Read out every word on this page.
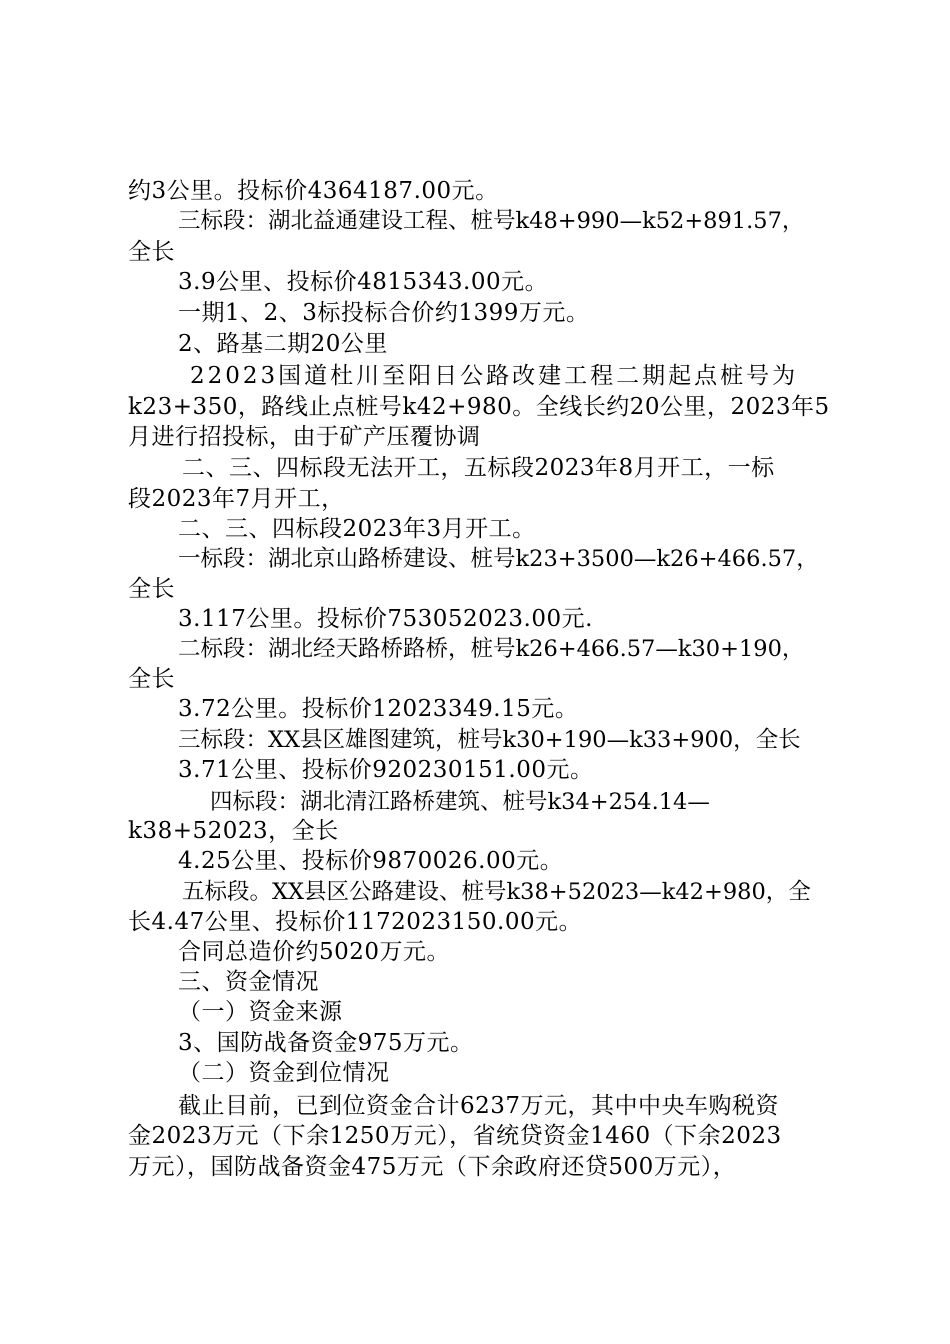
约3公里。投标价4364187.00元。
三标段：湖北益通建设工程、桩号k48+990—k52+891.57，
全长
3.9公里、投标价4815343.00元。
一期1、2、3标投标合价约1399万元。
2、路基二期20公里
22023国道杜川至阳日公路改建工程二期起点桩号为
k23+350，路线止点桩号k42+980。全线长约20公里，2023年5
月进行招投标，由于矿产压覆协调
二、三、四标段无法开工，五标段2023年8月开工，一标
段2023年7月开工，
二、三、四标段2023年3月开工。
一标段：湖北京山路桥建设、桩号k23+3500—k26+466.57，
全长
3.117公里。投标价753052023.00元.
二标段：湖北经天路桥路桥，桩号k26+466.57—k30+190，
全长
3.72公里。投标价12023349.15元。
三标段：XX县区雄图建筑，桩号k30+190—k33+900，全长
3.71公里、投标价920230151.00元。
四标段：湖北清江路桥建筑、桩号k34+254.14—
k38+52023，全长
4.25公里、投标价9870026.00元。
五标段。XX县区公路建设、桩号k38+52023—k42+980，全
长4.47公里、投标价1172023150.00元。
合同总造价约5020万元。
三、资金情况
（一）资金来源
3、国防战备资金975万元。
（二）资金到位情况
截止目前，已到位资金合计6237万元，其中中央车购税资
金2023万元（下余1250万元），省统贷资金1460（下余2023
万元），国防战备资金475万元（下余政府还贷500万元），
